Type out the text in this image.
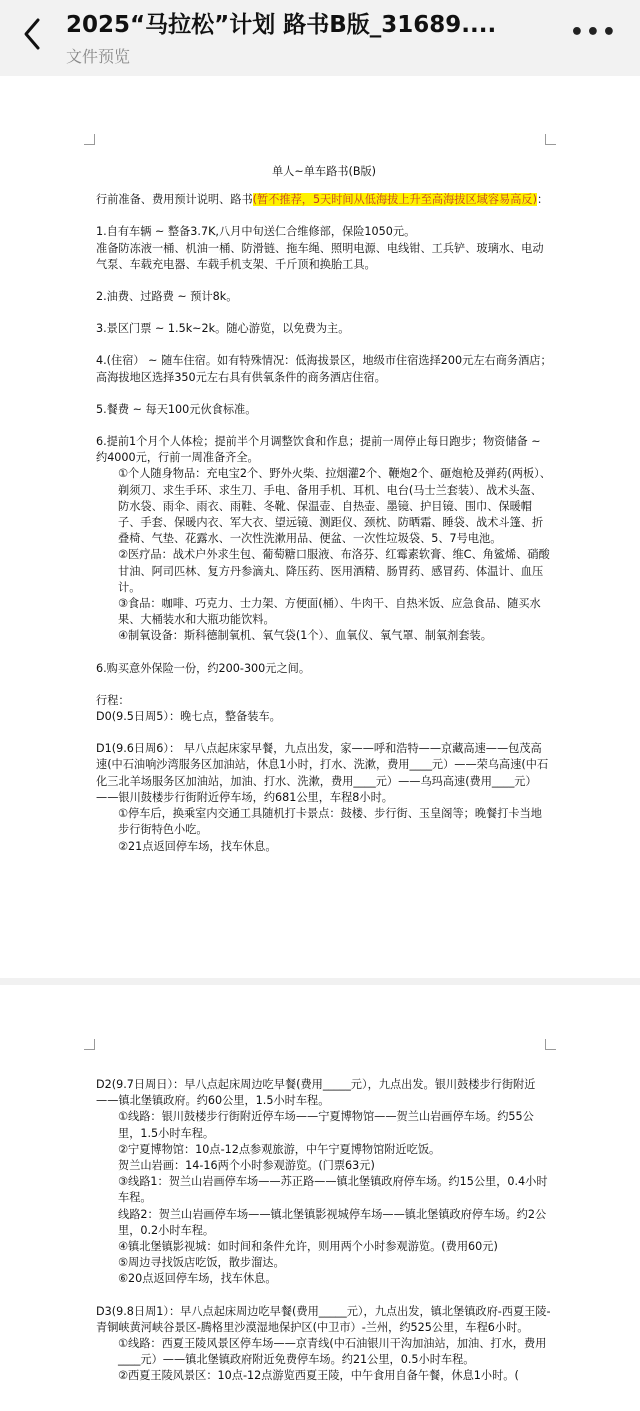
2025“马拉松”计划 路书B版_31689....
文件预览
•••
单人~单车路书(B版)

行前准备、费用预计说明、路书(暂不推荐，5天时间从低海拔上升至高海拔区域容易高反)：

1.自有车辆 ~ 整备3.7K,八月中旬送仁合维修部，保险1050元。

准备防冻液一桶、机油一桶、防滑链、拖车绳、照明电源、电线钳、工兵铲、玻璃水、电动气泵、车载充电器、车载手机支架、千斤顶和换胎工具。

2.油费、过路费 ~ 预计8k。

3.景区门票 ~ 1.5k~2k。随心游览，以免费为主。

4.(住宿） ~ 随车住宿。如有特殊情况：低海拔景区，地级市住宿选择200元左右商务酒店；高海拔地区选择350元左右具有供氧条件的商务酒店住宿。

5.餐费 ~ 每天100元伙食标准。

6.提前1个月个人体检；提前半个月调整饮食和作息；提前一周停止每日跑步；物资储备 ~ 约4000元，行前一周准备齐全。

①个人随身物品：充电宝2个、野外火柴、拉烟灌2个、鞭炮2个、砸炮枪及弹药(两板）、剃须刀、求生手环、求生刀、手电、备用手机、耳机、电台(马士兰套装）、战术头盔、防水袋、雨伞、雨衣、雨鞋、冬靴、保温壶、自热壶、墨镜、护目镜、围巾、保暖帽子、手套、保暖内衣、军大衣、望远镜、测距仪、颈枕、防晒霜、睡袋、战术斗篷、折叠椅、气垫、花露水、一次性洗漱用品、便盆、一次性垃圾袋、5、7号电池。

②医疗品：战术户外求生包、葡萄糖口服液、布洛芬、红霉素软膏、维C、角鲨烯、硝酸甘油、阿司匹林、复方丹参滴丸、降压药、医用酒精、肠胃药、感冒药、体温计、血压计。

③食品：咖啡、巧克力、士力架、方便面(桶）、牛肉干、自热米饭、应急食品、随买水果、大桶装水和大瓶功能饮料。

④制氧设备：斯科德制氧机、氧气袋(1个）、血氧仪、氧气罩、制氧剂套装。

6.购买意外保险一份，约200-300元之间。

行程：

D0(9.5日周5）：晚七点，整备装车。

D1(9.6日周6）： 早八点起床家早餐，九点出发，家——呼和浩特——京藏高速——包茂高速(中石油响沙湾服务区加油站，休息1小时，打水、洗漱，费用____元）——荣乌高速(中石化三北羊场服务区加油站，加油、打水、洗漱，费用____元）——乌玛高速(费用____元）——银川鼓楼步行街附近停车场，约681公里，车程8小时。

①停车后，换乘室内交通工具随机打卡景点：鼓楼、步行街、玉皇阁等；晚餐打卡当地步行街特色小吃。

②21点返回停车场，找车休息。

D2(9.7日周日）：早八点起床周边吃早餐(费用_____元），九点出发。银川鼓楼步行街附近——镇北堡镇政府。约60公里，1.5小时车程。

①线路：银川鼓楼步行街附近停车场——宁夏博物馆——贺兰山岩画停车场。约55公里，1.5小时车程。

②宁夏博物馆：10点-12点参观旅游，中午宁夏博物馆附近吃饭。

贺兰山岩画：14-16两个小时参观游览。(门票63元)

③线路1：贺兰山岩画停车场——苏正路——镇北堡镇政府停车场。约15公里，0.4小时车程。

线路2：贺兰山岩画停车场——镇北堡镇影视城停车场——镇北堡镇政府停车场。约2公里，0.2小时车程。

④镇北堡镇影视城：如时间和条件允许，则用两个小时参观游览。(费用60元)

⑤周边寻找饭店吃饭，散步溜达。

⑥20点返回停车场，找车休息。

D3(9.8日周1）：早八点起床周边吃早餐(费用_____元），九点出发，镇北堡镇政府-西夏王陵-青铜峡黄河峡谷景区-腾格里沙漠湿地保护区(中卫市）-兰州，约525公里，车程6小时。

①线路：西夏王陵风景区停车场——京青线(中石油银川干沟加油站，加油、打水，费用____元）——镇北堡镇政府附近免费停车场。约21公里，0.5小时车程。

②西夏王陵风景区：10点-12点游览西夏王陵，中午食用自备午餐，休息1小时。(
